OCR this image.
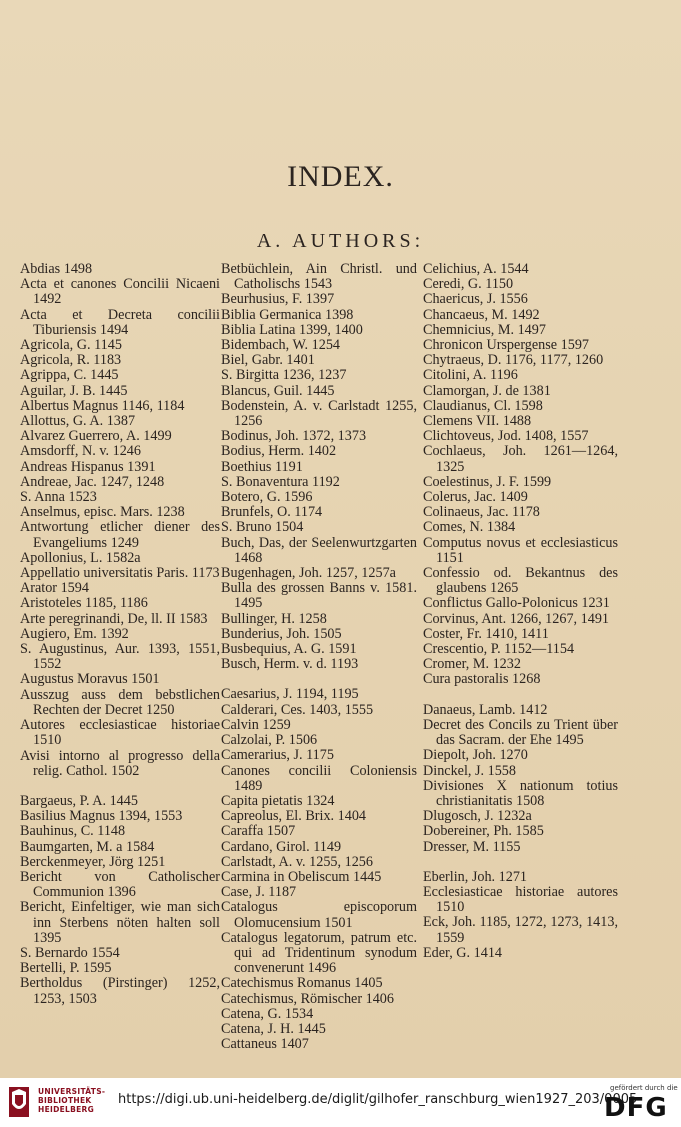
INDEX.
A. AUTHORS:
Abdias 1498
Acta et canones Concilii Nicaeni 1492
Acta et Decreta concilii Tiburiensis 1494
Agricola, G. 1145
Agricola, R. 1183
Agrippa, C. 1445
Aguilar, J. B. 1445
Albertus Magnus 1146, 1184
Allottus, G. A. 1387
Alvarez Guerrero, A. 1499
Amsdorff, N. v. 1246
Andreas Hispanus 1391
Andreae, Jac. 1247, 1248
S. Anna 1523
Anselmus, episc. Mars. 1238
Antwortung etlicher diener des Evangeliums 1249
Apollonius, L. 1582a
Appellatio universitatis Paris. 1173
Arator 1594
Aristoteles 1185, 1186
Arte peregrinandi, De, ll. II 1583
Augiero, Em. 1392
S. Augustinus, Aur. 1393, 1551, 1552
Augustus Moravus 1501
Ausszug auss dem bebstlichen Rechten der Decret 1250
Autores ecclesiasticae historiae 1510
Avisi intorno al progresso della relig. Cathol. 1502
Bargaeus, P. A. 1445
Basilius Magnus 1394, 1553
Bauhinus, C. 1148
Baumgarten, M. a 1584
Berckenmeyer, Jörg 1251
Bericht von Catholischer Communion 1396
Bericht, Einfeltiger, wie man sich inn Sterbens nöten halten soll 1395
S. Bernardo 1554
Bertelli, P. 1595
Bertholdus (Pirstinger) 1252, 1253, 1503
Betbüchlein, Ain Christl. und Catholischs 1543
Beurhusius, F. 1397
Biblia Germanica 1398
Biblia Latina 1399, 1400
Bidembach, W. 1254
Biel, Gabr. 1401
S. Birgitta 1236, 1237
Blancus, Guil. 1445
Bodenstein, A. v. Carlstadt 1255, 1256
Bodinus, Joh. 1372, 1373
Bodius, Herm. 1402
Boethius 1191
S. Bonaventura 1192
Botero, G. 1596
Brunfels, O. 1174
S. Bruno 1504
Buch, Das, der Seelenwurtzgarten 1468
Bugenhagen, Joh. 1257, 1257a
Bulla des grossen Banns v. 1581. 1495
Bullinger, H. 1258
Bunderius, Joh. 1505
Busbequius, A. G. 1591
Busch, Herm. v. d. 1193
Caesarius, J. 1194, 1195
Calderari, Ces. 1403, 1555
Calvin 1259
Calzolai, P. 1506
Camerarius, J. 1175
Canones concilii Coloniensis 1489
Capita pietatis 1324
Capreolus, El. Brix. 1404
Caraffa 1507
Cardano, Girol. 1149
Carlstadt, A. v. 1255, 1256
Carmina in Obeliscum 1445
Case, J. 1187
Catalogus episcoporum Olomucensium 1501
Catalogus legatorum, patrum etc. qui ad Tridentinum synodum convenerunt 1496
Catechismus Romanus 1405
Catechismus, Römischer 1406
Catena, G. 1534
Catena, J. H. 1445
Cattaneus 1407
Celichius, A. 1544
Ceredi, G. 1150
Chaericus, J. 1556
Chancaeus, M. 1492
Chemnicius, M. 1497
Chronicon Urspergense 1597
Chytraeus, D. 1176, 1177, 1260
Citolini, A. 1196
Clamorgan, J. de 1381
Claudianus, Cl. 1598
Clemens VII. 1488
Clichtoveus, Jod. 1408, 1557
Cochlaeus, Joh. 1261—1264, 1325
Coelestinus, J. F. 1599
Colerus, Jac. 1409
Colinaeus, Jac. 1178
Comes, N. 1384
Computus novus et ecclesiasticus 1151
Confessio od. Bekantnus des glaubens 1265
Conflictus Gallo-Polonicus 1231
Corvinus, Ant. 1266, 1267, 1491
Coster, Fr. 1410, 1411
Crescentio, P. 1152—1154
Cromer, M. 1232
Cura pastoralis 1268
Danaeus, Lamb. 1412
Decret des Concils zu Trient über das Sacram. der Ehe 1495
Diepolt, Joh. 1270
Dinckel, J. 1558
Divisiones X nationum totius christianitatis 1508
Dlugosch, J. 1232a
Dobereiner, Ph. 1585
Dresser, M. 1155
Eberlin, Joh. 1271
Ecclesiasticae historiae autores 1510
Eck, Joh. 1185, 1272, 1273, 1413, 1559
Eder, G. 1414
UNIVERSITÄTS-
BIBLIOTHEK
HEIDELBERG
https://digi.ub.uni-heidelberg.de/diglit/gilhofer_ranschburg_wien1927_203/0005
gefördert durch die
DFG
